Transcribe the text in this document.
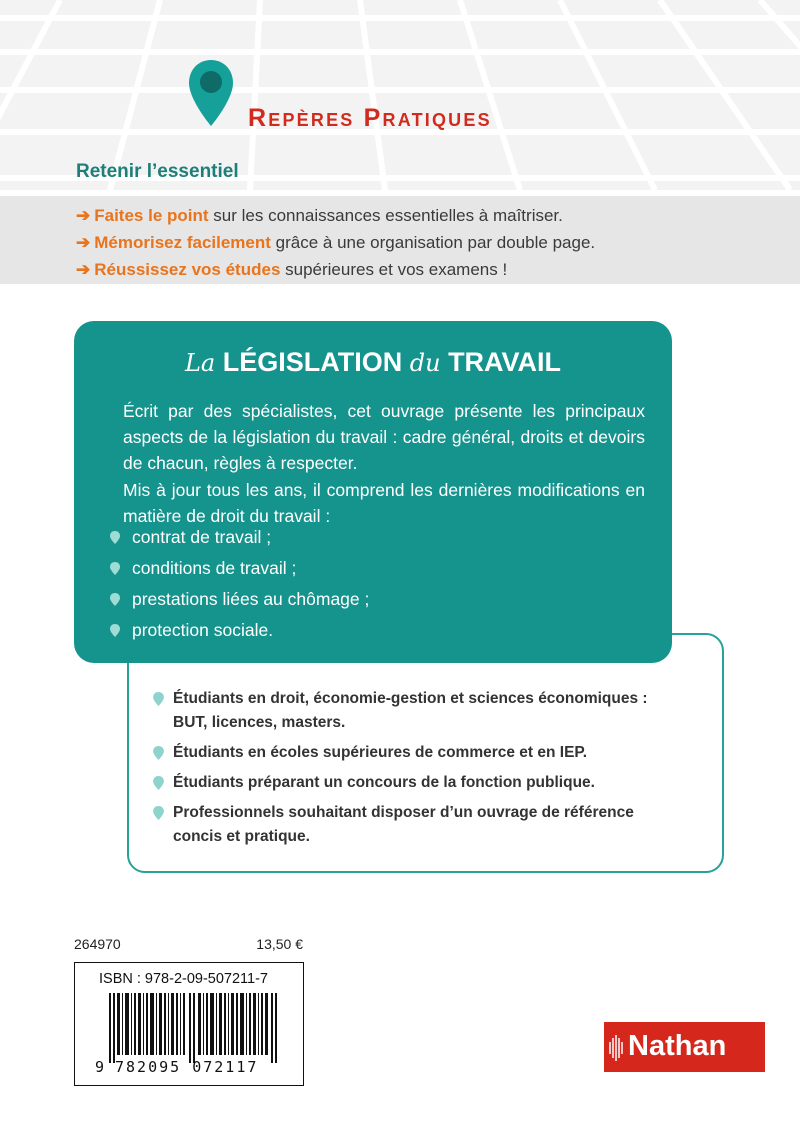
Repères Pratiques
Retenir l’essentiel
➔ Faites le point sur les connaissances essentielles à maîtriser.
➔ Mémorisez facilement grâce à une organisation par double page.
➔ Réussissez vos études supérieures et vos examens !
Étudiants en droit, économie-gestion et sciences économiques :
BUT, licences, masters.
Étudiants en écoles supérieures de commerce et en IEP.
Étudiants préparant un concours de la fonction publique.
Professionnels souhaitant disposer d’un ouvrage de référence
concis et pratique.
La LÉGISLATION du TRAVAIL
Écrit par des spécialistes, cet ouvrage présente les principaux aspects de la législation du travail : cadre général, droits et devoirs de chacun, règles à respecter.
Mis à jour tous les ans, il comprend les dernières modifications en matière de droit du travail :
contrat de travail ;
conditions de travail ;
prestations liées au chômage ;
protection sociale.
264970	13,50 €
ISBN : 978-2-09-507211-7
9 782095 072117
Nathan
